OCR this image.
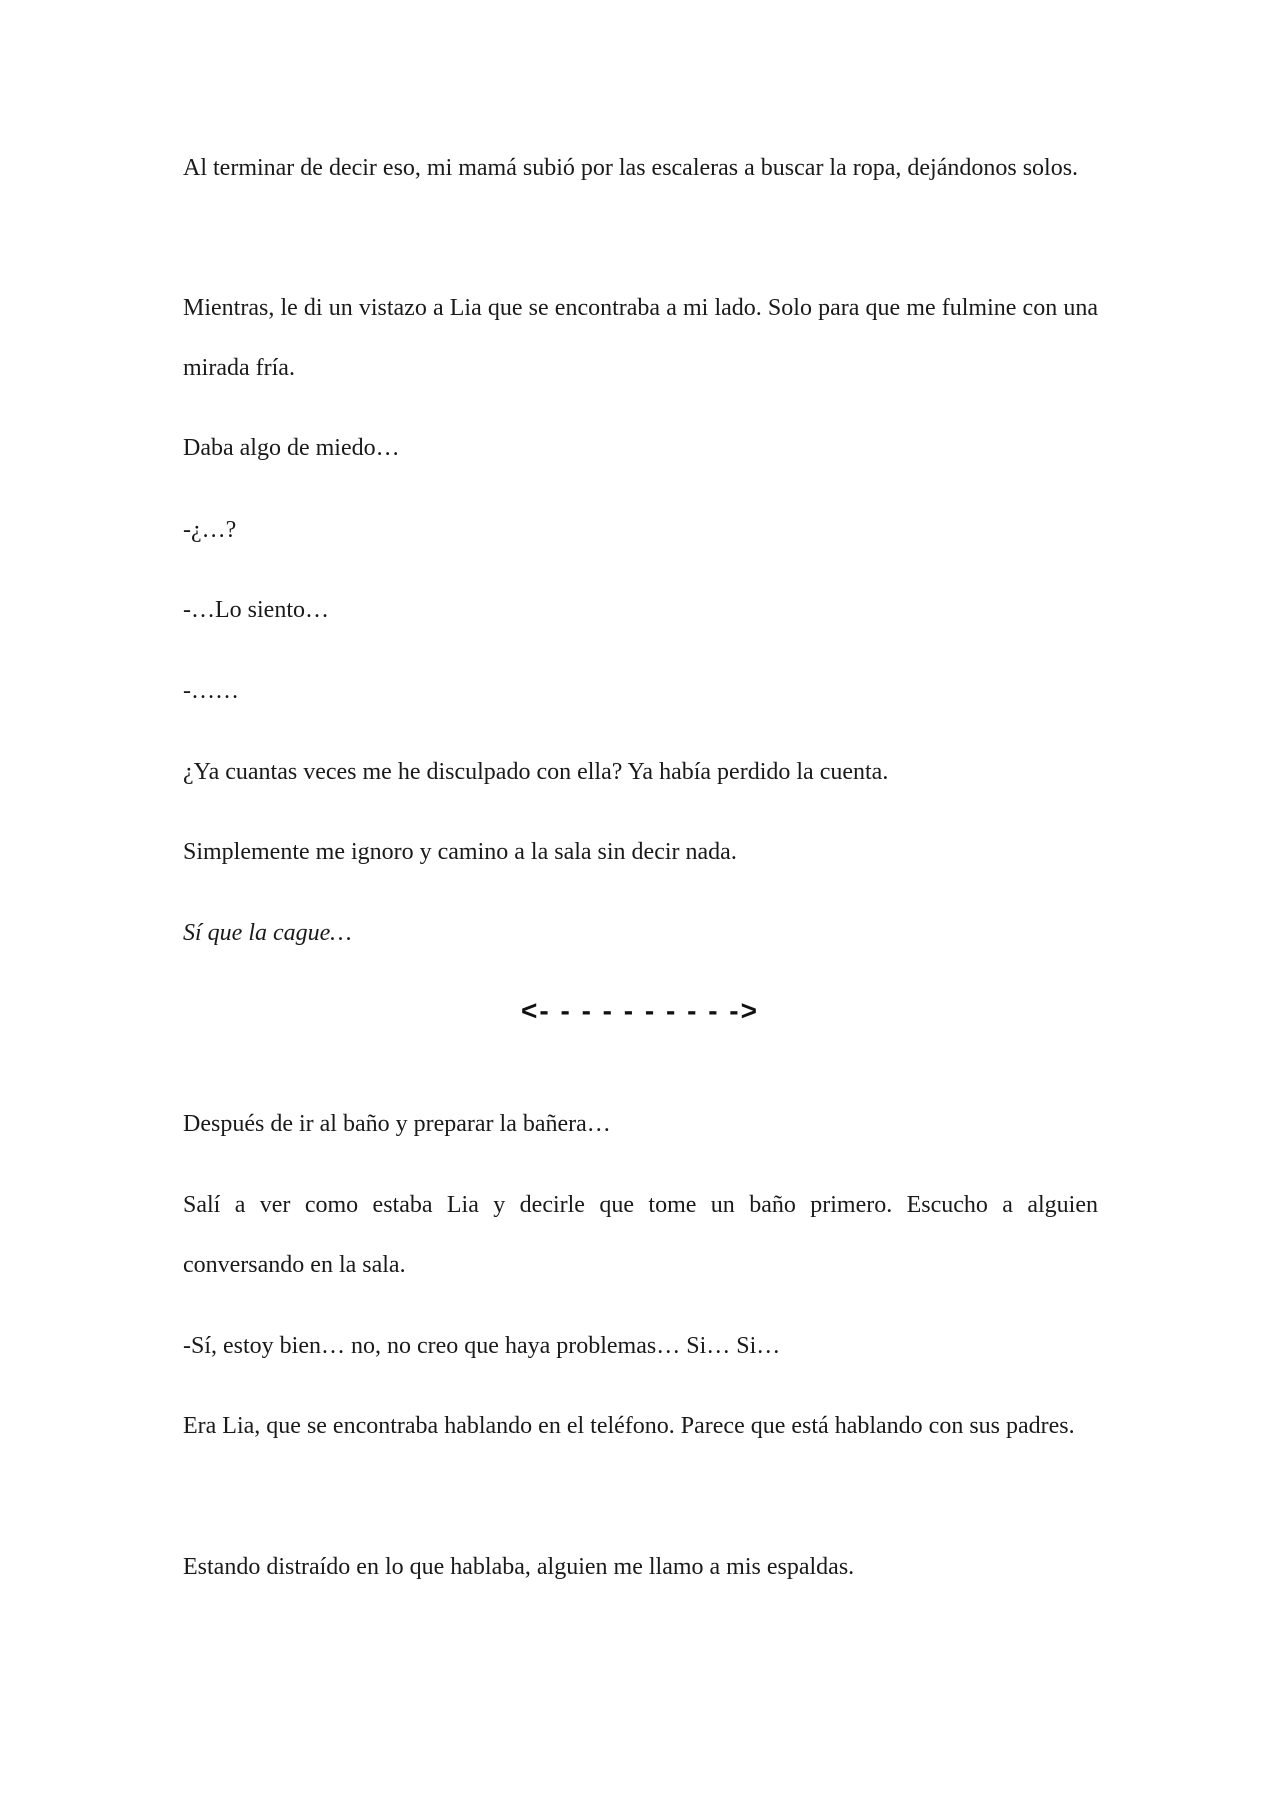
Al terminar de decir eso, mi mamá subió por las escaleras a buscar la ropa, dejándonos solos.

Mientras, le di un vistazo a Lia que se encontraba a mi lado. Solo para que me fulmine con una mirada fría.

Daba algo de miedo…

-¿…?

-…Lo siento…

-……

¿Ya cuantas veces me he disculpado con ella? Ya había perdido la cuenta.

Simplemente me ignoro y camino a la sala sin decir nada.

Sí que la cague…

<- - - - - - - - - ->

Después de ir al baño y preparar la bañera…

Salí a ver como estaba Lia y decirle que tome un baño primero. Escucho a alguien conversando en la sala.

-Sí, estoy bien… no, no creo que haya problemas… Si… Si…

Era Lia, que se encontraba hablando en el teléfono. Parece que está hablando con sus padres.

Estando distraído en lo que hablaba, alguien me llamo a mis espaldas.
